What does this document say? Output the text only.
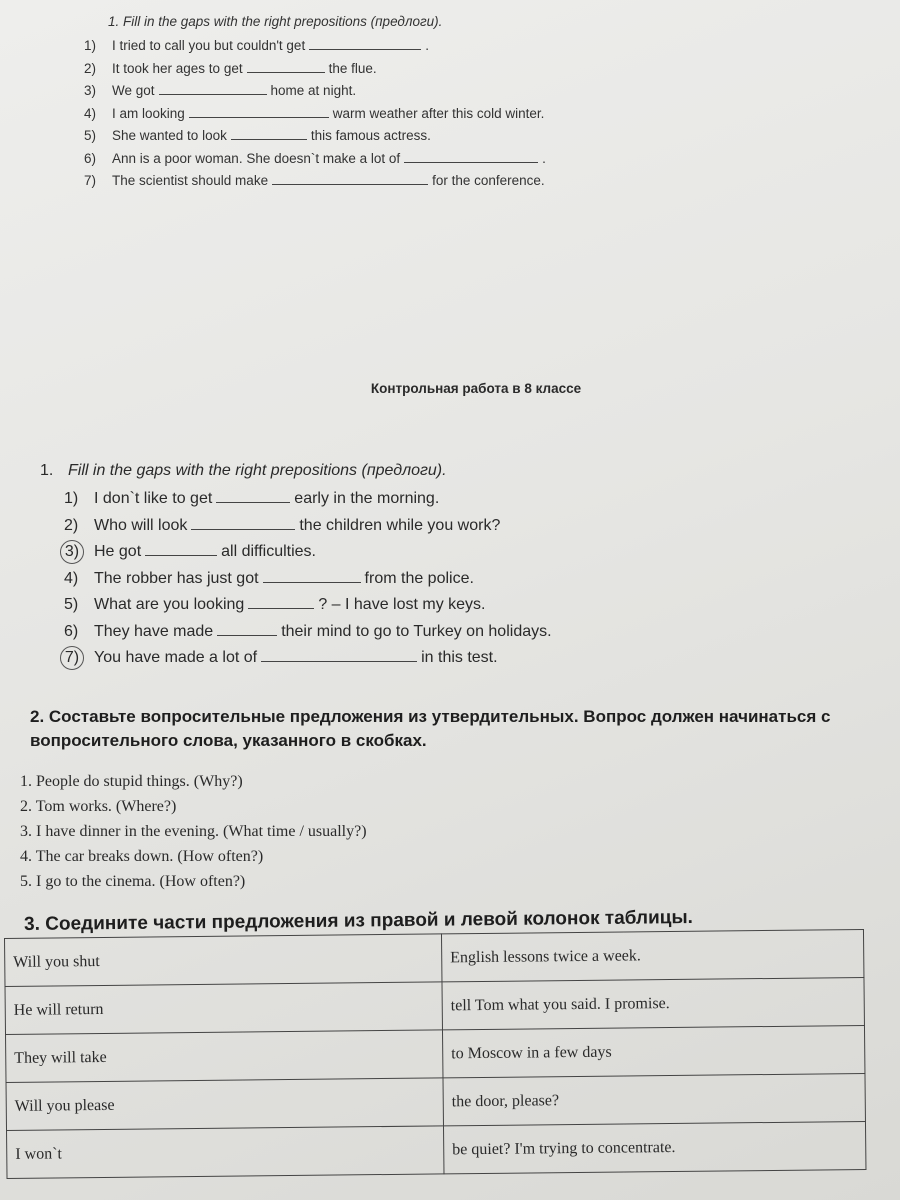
1. Fill in the gaps with the right prepositions (предлоги).

1) I tried to call you but couldn't get	.
2) It took her ages to get	the flue.
3) We got	home at night.
4) I am looking	warm weather after this cold winter.
5) She wanted to look	this famous actress.
6) Ann is a poor woman. She doesn`t make a lot of	.
7) The scientist should make	for the conference.
Контрольная работа в 8 классе

1. Fill in the gaps with the right prepositions (предлоги).

1) I don`t like to get	early in the morning.
2) Who will look	the children while you work?
3) He got	all difficulties.
4) The robber has just got	from the police.
5) What are you looking	? – I have lost my keys.
6) They have made	their mind to go to Turkey on holidays.
7) You have made a lot of	in this test.

2. Составьте вопросительные предложения из утвердительных. Вопрос должен начинаться с вопросительного слова, указанного в скобках.

1. People do stupid things. (Why?)
2. Tom works. (Where?)
3. I have dinner in the evening. (What time / usually?)
4. The car breaks down. (How often?)
5. I go to the cinema. (How often?)

3. Соедините части предложения из правой и левой колонок таблицы.

Will you shut	English lessons twice a week.
He will return	tell Tom what you said. I promise.
They will take	to Moscow in a few days
Will you please	the door, please?
I won`t	be quiet? I'm trying to concentrate.
